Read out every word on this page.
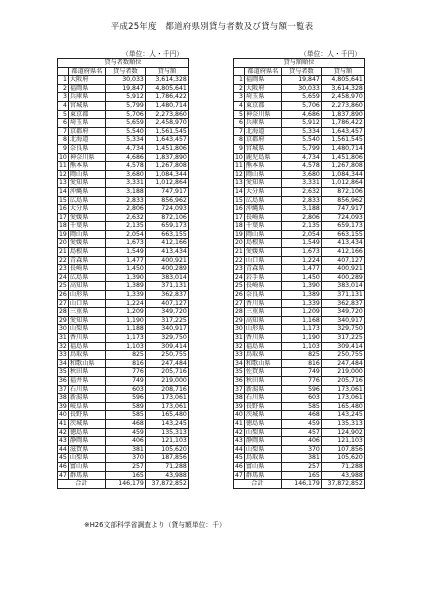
平成25年度　都道府県別貸与者数及び貸与額一覧表
（単位：人・千円）	（単位：人・千円）
貸与者数順位			
	都道府県名	貸与者数	貸与額
1	大阪府	30,033	3,614,328
2	福岡県	19,847	4,805,641
3	兵庫県	5,912	1,786,422
4	宮城県	5,799	1,480,714
5	東京都	5,706	2,273,860
6	埼玉県	5,659	2,458,970
7	京都府	5,540	1,561,545
8	北海道	5,334	1,643,457
9	奈良県	4,734	1,451,806
10	神奈川県	4,686	1,837,890
11	熊本県	4,578	1,267,808
12	岡山県	3,680	1,084,344
13	愛知県	3,331	1,012,864
14	沖縄県	3,188	747,917
15	広島県	2,833	856,962
16	大分県	2,806	724,093
17	愛媛県	2,632	872,106
18	千葉県	2,135	659,173
19	岡山県	2,054	663,155
20	愛媛県	1,673	412,166
21	島根県	1,549	413,434
22	青森県	1,477	400,921
23	長崎県	1,450	400,289
24	広島県	1,390	383,014
25	高知県	1,389	371,131
26	山形県	1,339	362,837
27	山口県	1,224	407,127
28	三重県	1,209	349,720
29	愛知県	1,190	317,225
30	山梨県	1,188	340,917
31	香川県	1,173	329,750
32	福島県	1,103	309,414
33	鳥取県	825	250,755
34	和歌山県	816	247,484
35	秋田県	776	205,716
36	福井県	749	219,000
37	石川県	603	208,716
38	新潟県	596	173,061
39	岐阜県	589	173,061
40	長野県	585	165,480
41	茨城県	468	143,245
42	徳島県	459	135,313
43	静岡県	406	121,103
44	滋賀県	381	105,620
45	山梨県	370	187,856
46	富山県	257	71,288
47	群馬県	165	43,988
合計		146,179	37,872,852
貸与額順位			
	都道府県名	貸与者数	貸与額
1	福岡県	19,847	4,805,641
2	大阪府	30,033	3,614,328
3	埼玉県	5,659	2,458,970
4	東京都	5,706	2,273,860
5	神奈川県	4,686	1,837,890
6	兵庫県	5,912	1,786,422
7	北海道	5,334	1,643,457
8	京都府	5,540	1,561,545
9	宮城県	5,799	1,480,714
10	鹿児島県	4,734	1,451,806
11	熊本県	4,578	1,267,808
12	岡山県	3,680	1,084,344
13	愛知県	3,331	1,012,864
14	大分県	2,632	872,106
15	広島県	2,833	856,962
16	沖縄県	3,188	747,917
17	長崎県	2,806	724,093
18	千葉県	2,135	659,173
19	岡山県	2,054	663,155
20	島根県	1,549	413,434
21	愛媛県	1,673	412,166
22	山口県	1,224	407,127
23	青森県	1,477	400,921
24	岩手県	1,450	400,289
25	長崎県	1,390	383,014
26	奈良県	1,389	371,131
27	香川県	1,339	362,837
28	三重県	1,209	349,720
29	高知県	1,168	340,917
30	山形県	1,173	329,750
31	香川県	1,190	317,225
32	福島県	1,103	309,414
33	鳥取県	825	250,755
34	和歌山県	816	247,484
35	佐賀県	749	219,000
36	秋田県	776	205,716
37	新潟県	596	173,061
38	石川県	603	173,061
39	長野県	585	165,480
40	茨城県	468	143,245
41	徳島県	459	135,313
42	山梨県	457	124,902
43	静岡県	406	121,103
44	山梨県	370	107,856
45	鳥取県	381	105,620
46	富山県	257	71,288
47	群馬県	165	43,988
合計		146,179	37,872,852
※H26文部科学省調査より（貸与額単位：千）
